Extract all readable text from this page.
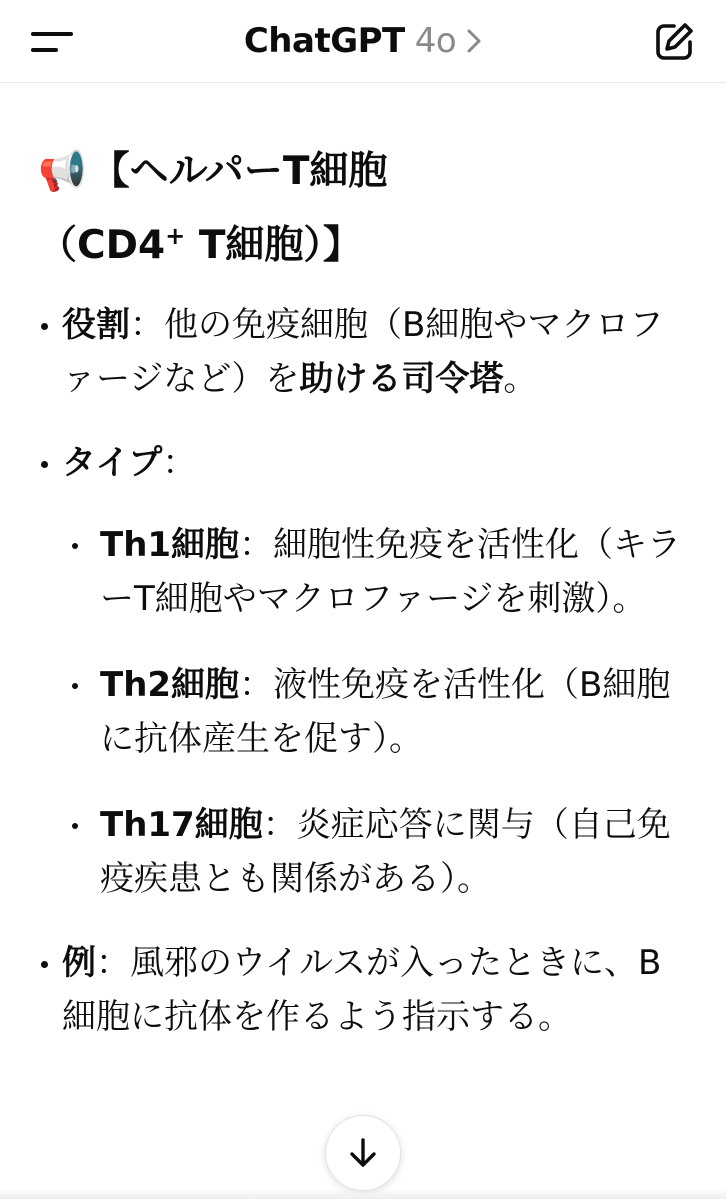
ChatGPT 4o
📢 【ヘルパーT細胞
（CD4+ T細胞）】
役割：他の免疫細胞（B細胞やマクロファージなど）を助ける司令塔。
タイプ：
Th1細胞：細胞性免疫を活性化（キラーT細胞やマクロファージを刺激）。
Th2細胞：液性免疫を活性化（B細胞に抗体産生を促す）。
Th17細胞：炎症応答に関与（自己免疫疾患とも関係がある）。
例：風邪のウイルスが入ったときに、B細胞に抗体を作るよう指示する。
